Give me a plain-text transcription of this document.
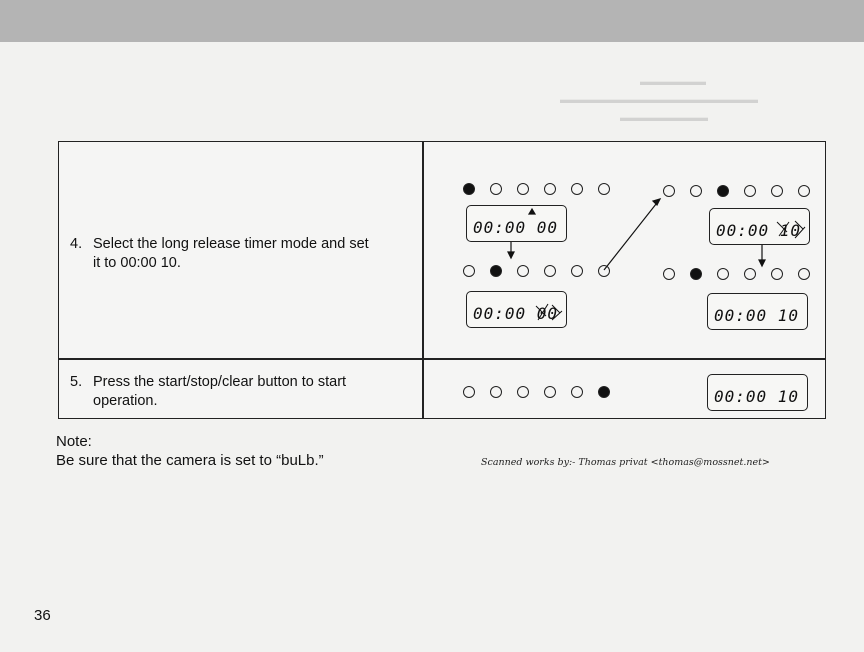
▬▬▬▬▬▬
▬▬▬▬▬▬▬▬▬▬▬▬▬▬▬▬▬▬
▬▬▬▬▬▬▬▬
4. Select the long release timer mode and set
it to 00:00 10.
5. Press the start/stop/clear button to start
operation.
00:00 00
00:00 00
00:00 10
00:00 10
00:00 10
Note:
Be sure that the camera is set to “buLb.”	Scanned works by:- Thomas privat <thomas@mossnet.net>
36
